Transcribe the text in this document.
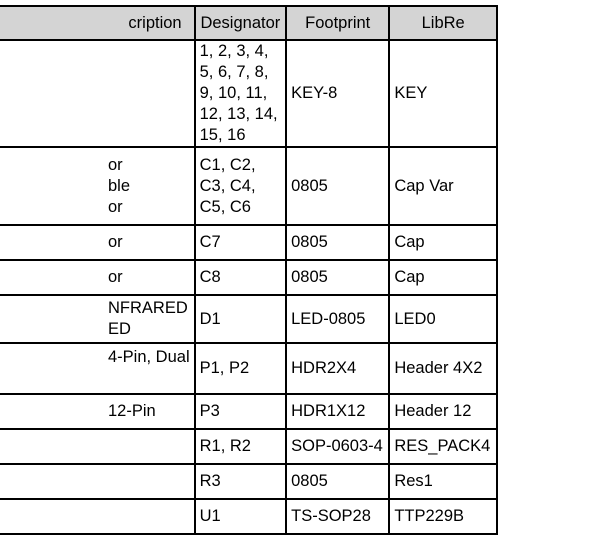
cription	Designator	Footprint	LibRe

	1, 2, 3, 4, 5, 6, 7, 8, 9, 10, 11, 12, 13, 14, 15, 16	KEY-8	KEY

or
ble
or	C1, C2, C3, C4, C5, C6	0805	Cap Var

or	C7	0805	Cap

or	C8	0805	Cap

NFRARED
ED	D1	LED-0805	LED0

4-Pin, Dual	P1, P2	HDR2X4	Header 4X2

12-Pin	P3	HDR1X12	Header 12
	R1, R2	SOP-0603-4	RES_PACK4
	R3	0805	Res1
	U1	TS-SOP28	TTP229B
